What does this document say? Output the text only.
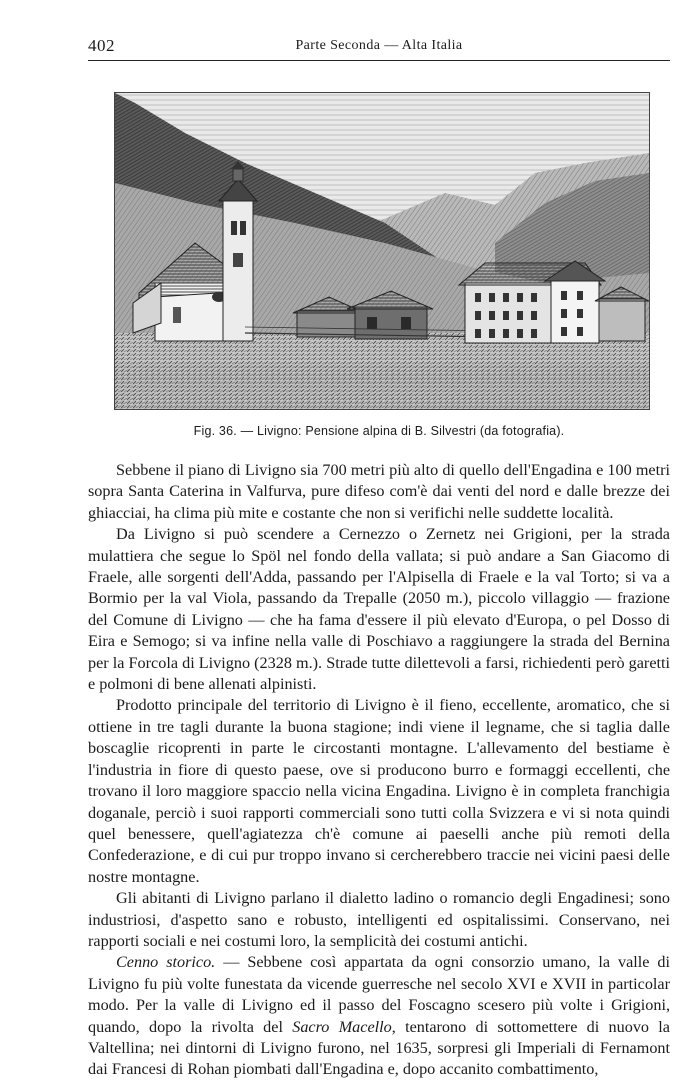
402	Parte Seconda — Alta Italia
Fig. 36. — Livigno: Pensione alpina di B. Silvestri (da fotografia).

Sebbene il piano di Livigno sia 700 metri più alto di quello dell'Engadina e 100 metri sopra Santa Caterina in Valfurva, pure difeso com'è dai venti del nord e dalle brezze dei ghiacciai, ha clima più mite e costante che non si verifichi nelle suddette località.

Da Livigno si può scendere a Cernezzo o Zernetz nei Grigioni, per la strada mulattiera che segue lo Spöl nel fondo della vallata; si può andare a San Giacomo di Fraele, alle sorgenti dell'Adda, passando per l'Alpisella di Fraele e la val Torto; si va a Bormio per la val Viola, passando da Trepalle (2050 m.), piccolo villaggio — frazione del Comune di Livigno — che ha fama d'essere il più elevato d'Europa, o pel Dosso di Eira e Semogo; si va infine nella valle di Poschiavo a raggiungere la strada del Bernina per la Forcola di Livigno (2328 m.). Strade tutte dilettevoli a farsi, richiedenti però garetti e polmoni di bene allenati alpinisti.

Prodotto principale del territorio di Livigno è il fieno, eccellente, aromatico, che si ottiene in tre tagli durante la buona stagione; indi viene il legname, che si taglia dalle boscaglie ricoprenti in parte le circostanti montagne. L'allevamento del bestiame è l'industria in fiore di questo paese, ove si producono burro e formaggi eccellenti, che trovano il loro maggiore spaccio nella vicina Engadina. Livigno è in completa franchigia doganale, perciò i suoi rapporti commerciali sono tutti colla Svizzera e vi si nota quindi quel benessere, quell'agiatezza ch'è comune ai paeselli anche più remoti della Confederazione, e di cui pur troppo invano si cercherebbero traccie nei vicini paesi delle nostre montagne.

Gli abitanti di Livigno parlano il dialetto ladino o romancio degli Engadinesi; sono industriosi, d'aspetto sano e robusto, intelligenti ed ospitalissimi. Conservano, nei rapporti sociali e nei costumi loro, la semplicità dei costumi antichi.

Cenno storico. — Sebbene così appartata da ogni consorzio umano, la valle di Livigno fu più volte funestata da vicende guerresche nel secolo XVI e XVII in particolar modo. Per la valle di Livigno ed il passo del Foscagno scesero più volte i Grigioni, quando, dopo la rivolta del Sacro Macello, tentarono di sottomettere di nuovo la Valtellina; nei dintorni di Livigno furono, nel 1635, sorpresi gli Imperiali di Fernamont dai Francesi di Rohan piombati dall'Engadina e, dopo accanito combattimento,
